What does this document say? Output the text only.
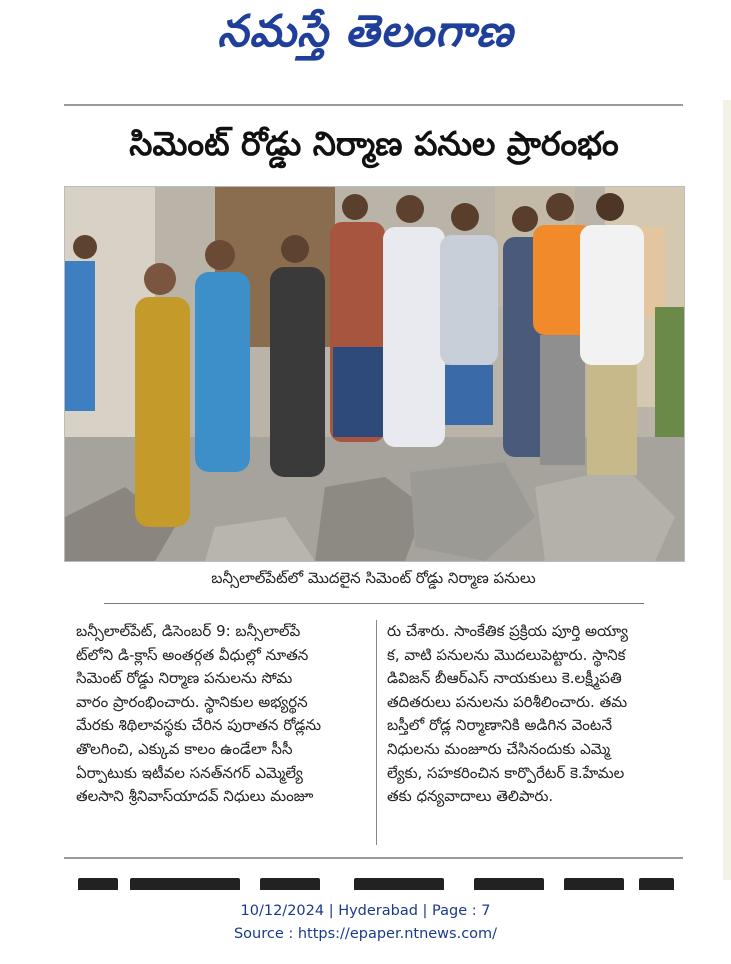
నమస్తే తెలంగాణ
సిమెంట్ రోడ్డు నిర్మాణ పనుల ప్రారంభం
బన్సీలాల్‌పేట్‌లో మొదలైన సిమెంట్ రోడ్డు నిర్మాణ పనులు

బన్సీలాల్‌పేట్, డిసెంబర్ 9: బన్సీలాల్‌పే

ట్‌లోని డి-క్లాస్ అంతర్గత వీధుల్లో నూతన

సిమెంట్ రోడ్డు నిర్మాణ పనులను సోమ

వారం ప్రారంభించారు. స్థానికుల అభ్యర్థన

మేరకు శిథిలావస్థకు చేరిన పురాతన రోడ్లను

తొలగించి, ఎక్కువ కాలం ఉండేలా సీసీ

ఏర్పాటుకు ఇటీవల సనత్‌నగర్ ఎమ్మెల్యే

తలసాని శ్రీనివాస్‌యాదవ్ నిధులు మంజూ

రు చేశారు. సాంకేతిక ప్రక్రియ పూర్తి అయ్యా

క, వాటి పనులను మొదలుపెట్టారు. స్థానిక

డివిజన్ బీఆర్‌ఎస్ నాయకులు కె.లక్ష్మీపతి

తదితరులు పనులను పరిశీలించారు. తమ

బస్తీలో రోడ్ల నిర్మాణానికి అడిగిన వెంటనే

నిధులను మంజూరు చేసినందుకు ఎమ్మె

ల్యేకు, సహకరించిన కార్పొరేటర్ కె.హేమల

తకు ధన్యవాదాలు తెలిపారు.

10/12/2024 | Hyderabad | Page : 7
Source : https://epaper.ntnews.com/
